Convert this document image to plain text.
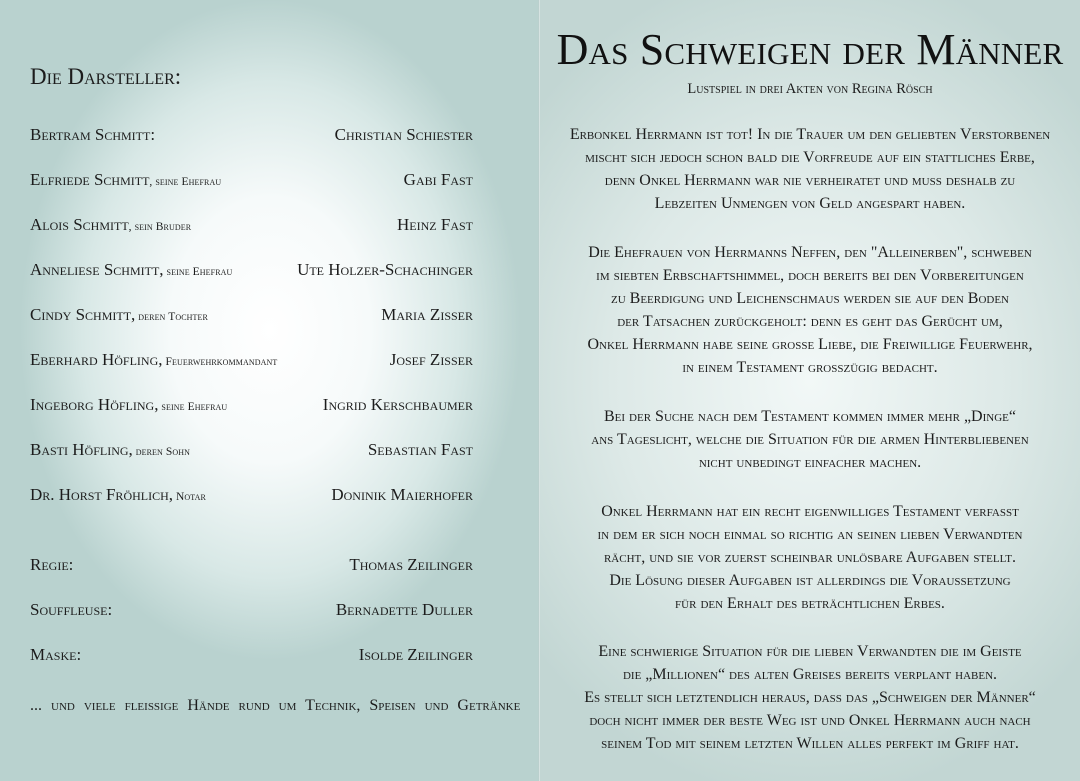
Die Darsteller:
Bertram Schmitt:	Christian Schiester
Elfriede Schmitt, seine Ehefrau	Gabi Fast
Alois Schmitt, sein Bruder	Heinz Fast
Anneliese Schmitt, seine Ehefrau	Ute Holzer-Schachinger
Cindy Schmitt, deren Tochter	Maria Zisser
Eberhard Höfling, Feuerwehrkommandant	Josef Zisser
Ingeborg Höfling, seine Ehefrau	Ingrid Kerschbaumer
Basti Höfling, deren Sohn	Sebastian Fast
Dr. Horst Fröhlich, Notar	Doninik Maierhofer
Regie:	Thomas Zeilinger
Souffleuse:	Bernadette Duller
Maske:	Isolde Zeilinger
... und viele fleissige Hände rund um Technik, Speisen und Getränke
Das Schweigen der Männer
Lustspiel in drei Akten von Regina Rösch
Erbonkel Herrmann ist tot! In die Trauer um den geliebten Verstorbenen
mischt sich jedoch schon bald die Vorfreude auf ein stattliches Erbe,
denn Onkel Herrmann war nie verheiratet und muss deshalb zu
Lebzeiten Unmengen von Geld angespart haben.
Die Ehefrauen von Herrmanns Neffen, den "Alleinerben", schweben
im siebten Erbschaftshimmel, doch bereits bei den Vorbereitungen
zu Beerdigung und Leichenschmaus werden sie auf den Boden
der Tatsachen zurückgeholt: denn es geht das Gerücht um,
Onkel Herrmann habe seine grosse Liebe, die Freiwillige Feuerwehr,
in einem Testament grosszügig bedacht.
Bei der Suche nach dem Testament kommen immer mehr „Dinge“
ans Tageslicht, welche die Situation für die armen Hinterbliebenen
nicht unbedingt einfacher machen.
Onkel Herrmann hat ein recht eigenwilliges Testament verfasst
in dem er sich noch einmal so richtig an seinen lieben Verwandten
rächt, und sie vor zuerst scheinbar unlösbare Aufgaben stellt.
Die Lösung dieser Aufgaben ist allerdings die Voraussetzung
für den Erhalt des beträchtlichen Erbes.
Eine schwierige Situation für die lieben Verwandten die im Geiste
die „Millionen“ des alten Greises bereits verplant haben.
Es stellt sich letztendlich heraus, dass das „Schweigen der Männer“
doch nicht immer der beste Weg ist und Onkel Herrmann auch nach
seinem Tod mit seinem letzten Willen alles perfekt im Griff hat.
